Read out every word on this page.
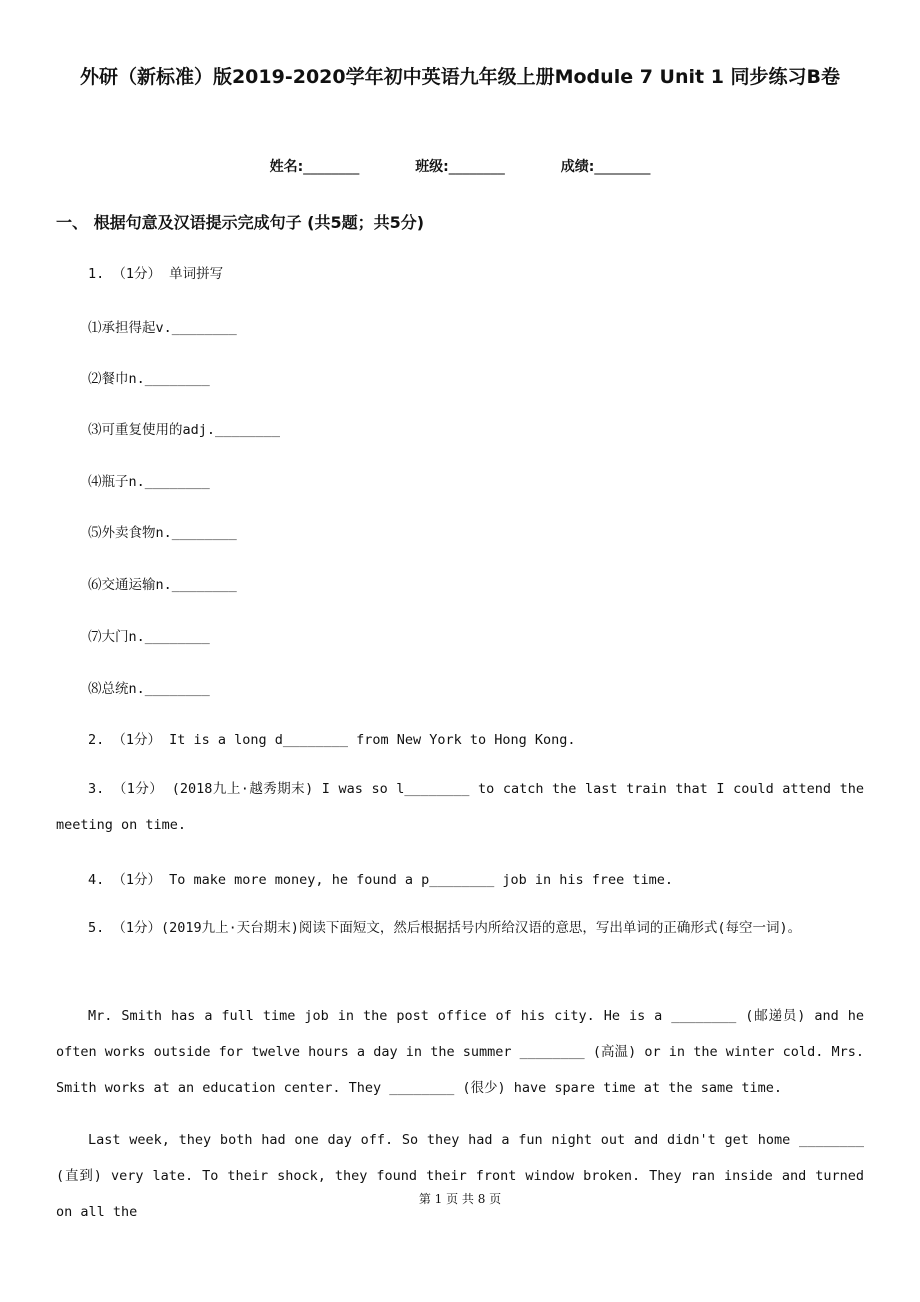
外研（新标准）版2019-2020学年初中英语九年级上册Module 7 Unit 1 同步练习B卷
姓名:________	班级:________	成绩:________
一、 根据句意及汉语提示完成句子 (共5题；共5分)
1. （1分） 单词拼写
⑴承担得起v.________
⑵餐巾n.________
⑶可重复使用的adj.________
⑷瓶子n.________
⑸外卖食物n.________
⑹交通运输n.________
⑺大门n.________
⑻总统n.________
2. （1分） It is a long d________ from New York to Hong Kong.
3. （1分） (2018九上·越秀期末) I was so l________ to catch the last train that I could attend the meeting on time.
4. （1分） To make more money, he found a p________ job in his free time.
5. （1分）(2019九上·天台期末)阅读下面短文，然后根据括号内所给汉语的意思，写出单词的正确形式(每空一词)。
Mr. Smith has a full time job in the post office of his city. He is a ________ (邮递员) and he often works outside for twelve hours a day in the summer ________ (高温) or in the winter cold. Mrs. Smith works at an education center. They ________ (很少) have spare time at the same time.
Last week, they both had one day off. So they had a fun night out and didn't get home ________ (直到) very late. To their shock, they found their front window broken. They ran inside and turned on all the
第 1 页 共 8 页
